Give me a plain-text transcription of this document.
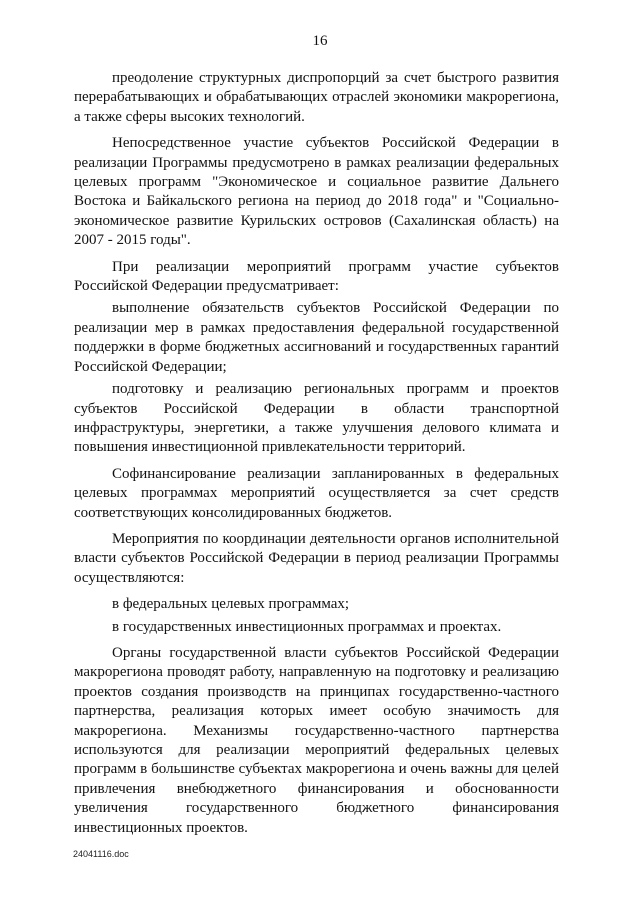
16

преодоление структурных диспропорций за счет быстрого развития перерабатывающих и обрабатывающих отраслей экономики макрорегиона, а также сферы высоких технологий.

Непосредственное участие субъектов Российской Федерации в реализации Программы предусмотрено в рамках реализации федеральных целевых программ "Экономическое и социальное развитие Дальнего Востока и Байкальского региона на период до 2018 года" и "Социально-экономическое развитие Курильских островов (Сахалинская область) на 2007 - 2015 годы".

При реализации мероприятий программ участие субъектов Российской Федерации предусматривает:

выполнение обязательств субъектов Российской Федерации по реализации мер в рамках предоставления федеральной государственной поддержки в форме бюджетных ассигнований и государственных гарантий Российской Федерации;

подготовку и реализацию региональных программ и проектов субъектов Российской Федерации в области транспортной инфраструктуры, энергетики, а также улучшения делового климата и повышения инвестиционной привлекательности территорий.

Софинансирование реализации запланированных в федеральных целевых программах мероприятий осуществляется за счет средств соответствующих консолидированных бюджетов.

Мероприятия по координации деятельности органов исполнительной власти субъектов Российской Федерации в период реализации Программы осуществляются:

в федеральных целевых программах;

в государственных инвестиционных программах и проектах.

Органы государственной власти субъектов Российской Федерации макрорегиона проводят работу, направленную на подготовку и реализацию проектов создания производств на принципах государственно-частного партнерства, реализация которых имеет особую значимость для макрорегиона. Механизмы государственно-частного партнерства используются для реализации мероприятий федеральных целевых программ в большинстве субъектах макрорегиона и очень важны для целей привлечения внебюджетного финансирования и обоснованности увеличения государственного бюджетного финансирования инвестиционных проектов.

24041116.doc
